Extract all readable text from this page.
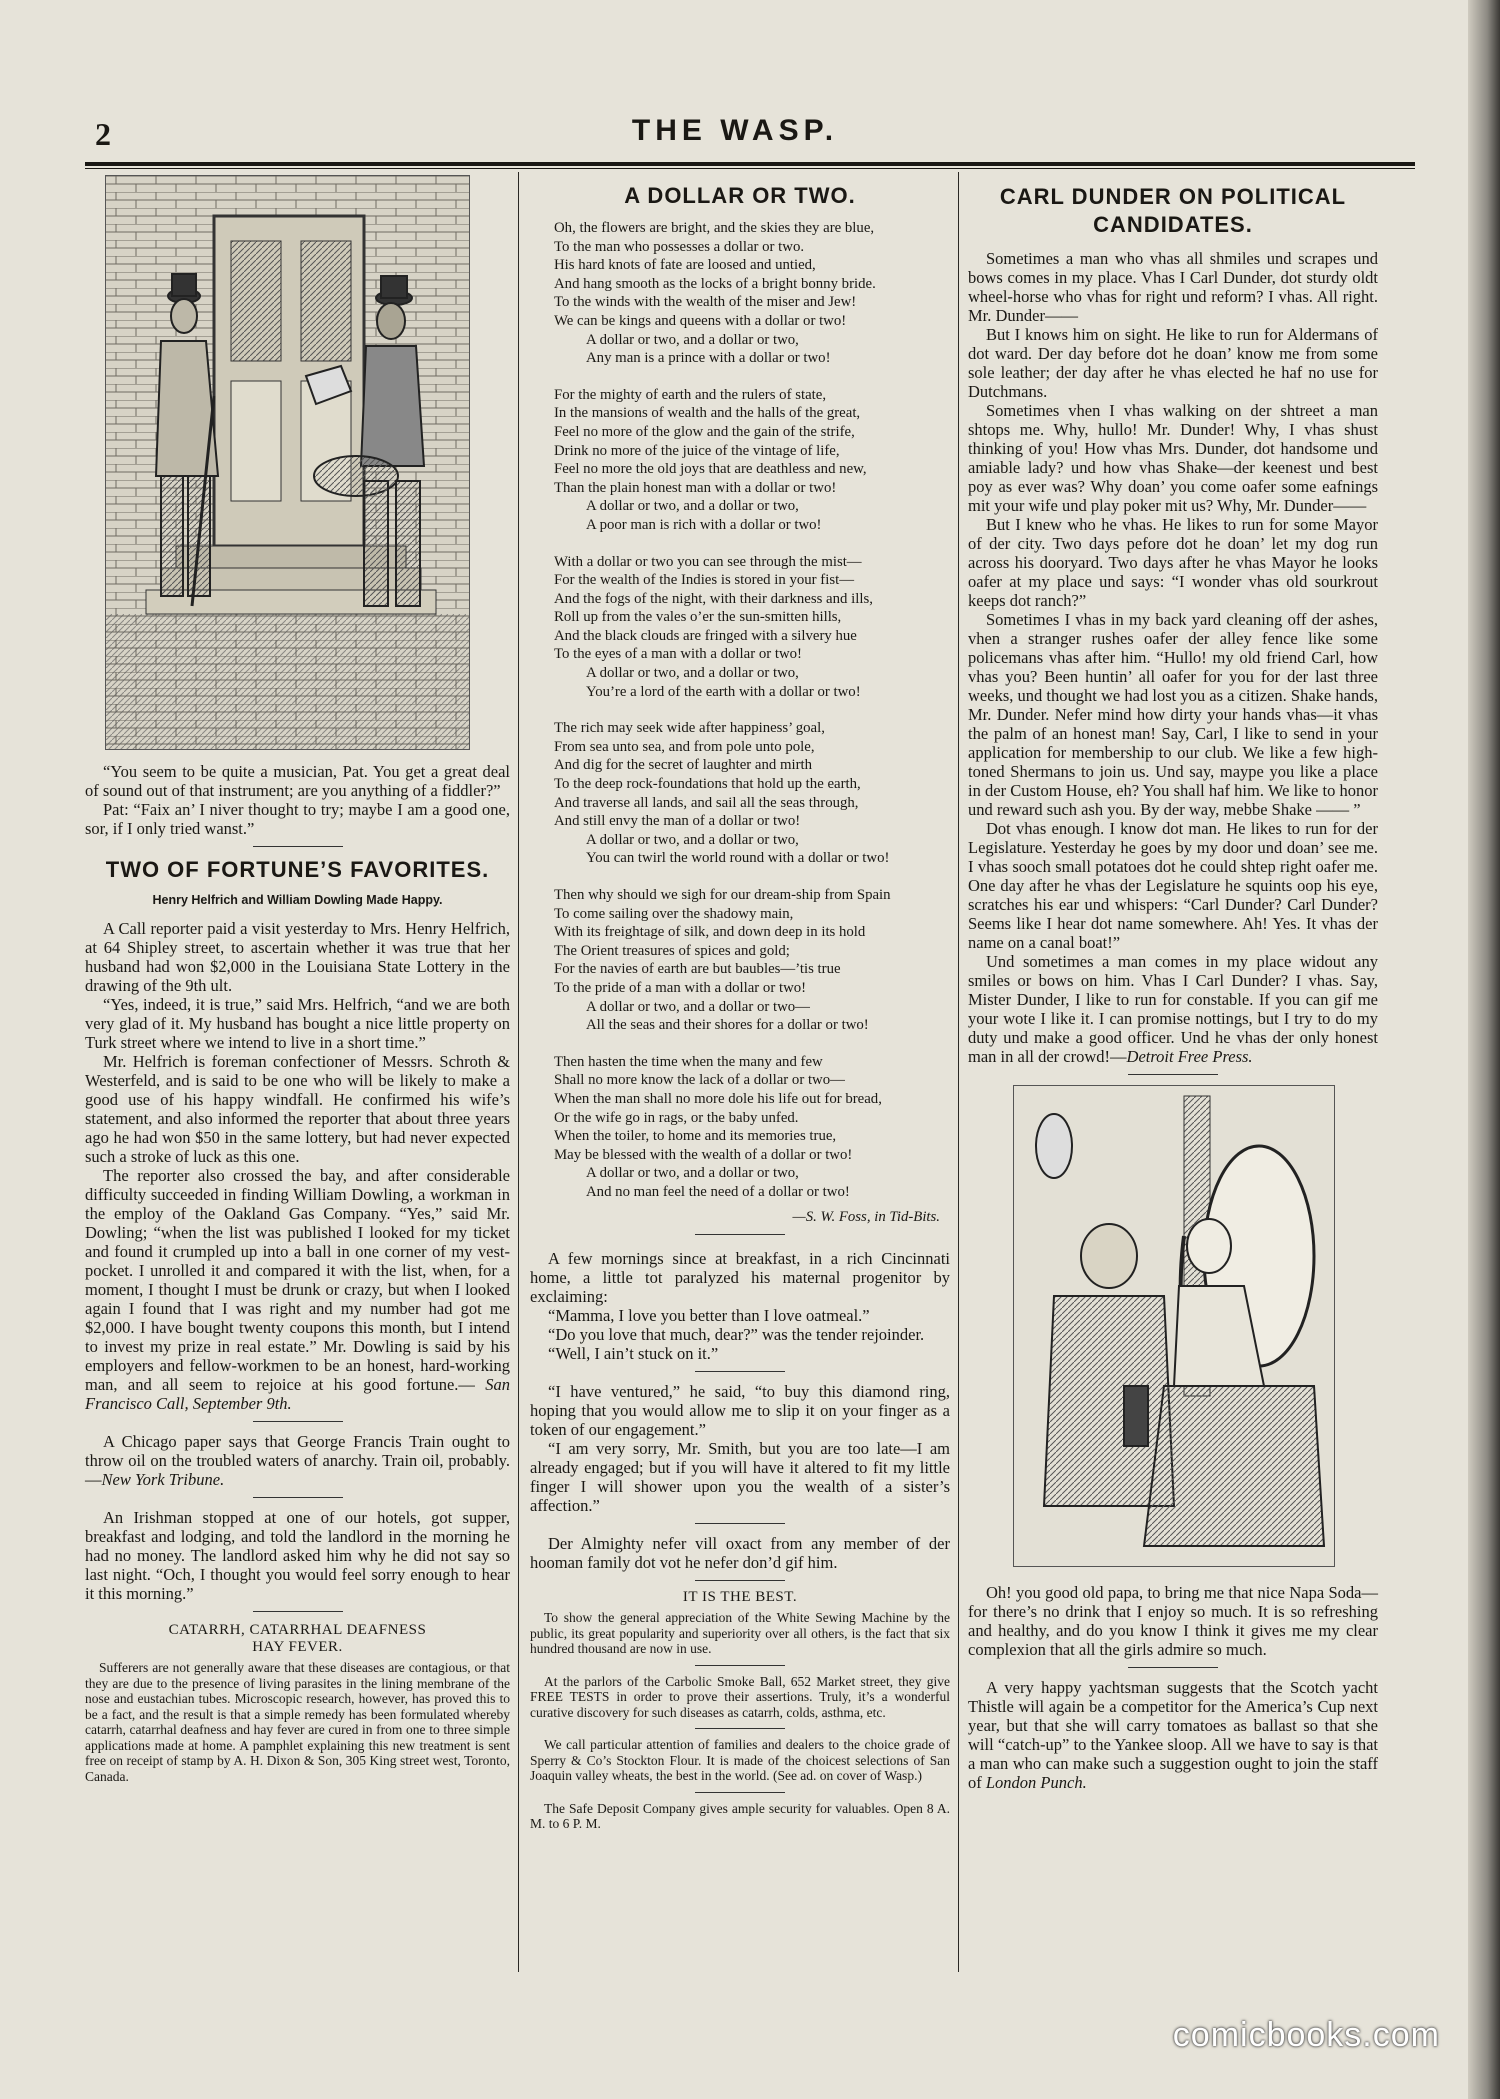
2	THE WASP.

“You seem to be quite a musician, Pat. You get a great deal of sound out of that instrument; are you anything of a fiddler?”

Pat: “Faix an’ I niver thought to try; maybe I am a good one, sor, if I only tried wanst.”

TWO OF FORTUNE’S FAVORITES.

Henry Helfrich and William Dowling Made Happy.

A Call reporter paid a visit yesterday to Mrs. Henry Helfrich, at 64 Shipley street, to ascertain whether it was true that her husband had won $2,000 in the Louisiana State Lottery in the drawing of the 9th ult.

“Yes, indeed, it is true,” said Mrs. Helfrich, “and we are both very glad of it. My husband has bought a nice little property on Turk street where we intend to live in a short time.”

Mr. Helfrich is foreman confectioner of Messrs. Schroth & Westerfeld, and is said to be one who will be likely to make a good use of his happy windfall. He confirmed his wife’s statement, and also informed the reporter that about three years ago he had won $50 in the same lottery, but had never expected such a stroke of luck as this one.

The reporter also crossed the bay, and after considerable difficulty succeeded in finding William Dowling, a workman in the employ of the Oakland Gas Company. “Yes,” said Mr. Dowling; “when the list was published I looked for my ticket and found it crumpled up into a ball in one corner of my vest-pocket. I unrolled it and compared it with the list, when, for a moment, I thought I must be drunk or crazy, but when I looked again I found that I was right and my number had got me $2,000. I have bought twenty coupons this month, but I intend to invest my prize in real estate.” Mr. Dowling is said by his employers and fellow-workmen to be an honest, hard-working man, and all seem to rejoice at his good fortune.— San Francisco Call, September 9th.

A Chicago paper says that George Francis Train ought to throw oil on the troubled waters of anarchy. Train oil, probably.—New York Tribune.

An Irishman stopped at one of our hotels, got supper, breakfast and lodging, and told the landlord in the morning he had no money. The landlord asked him why he did not say so last night. “Och, I thought you would feel sorry enough to hear it this morning.”

CATARRH, CATARRHAL DEAFNESS

HAY FEVER.

Sufferers are not generally aware that these diseases are contagious, or that they are due to the presence of living parasites in the lining membrane of the nose and eustachian tubes. Microscopic research, however, has proved this to be a fact, and the result is that a simple remedy has been formulated whereby catarrh, catarrhal deafness and hay fever are cured in from one to three simple applications made at home. A pamphlet explaining this new treatment is sent free on receipt of stamp by A. H. Dixon & Son, 305 King street west, Toronto, Canada.

A DOLLAR OR TWO.
Oh, the flowers are bright, and the skies they are blue,
To the man who possesses a dollar or two.
His hard knots of fate are loosed and untied,
And hang smooth as the locks of a bright bonny bride.
To the winds with the wealth of the miser and Jew!
We can be kings and queens with a dollar or two!
A dollar or two, and a dollar or two,
Any man is a prince with a dollar or two!
For the mighty of earth and the rulers of state,
In the mansions of wealth and the halls of the great,
Feel no more of the glow and the gain of the strife,
Drink no more of the juice of the vintage of life,
Feel no more the old joys that are deathless and new,
Than the plain honest man with a dollar or two!
A dollar or two, and a dollar or two,
A poor man is rich with a dollar or two!
With a dollar or two you can see through the mist—
For the wealth of the Indies is stored in your fist—
And the fogs of the night, with their darkness and ills,
Roll up from the vales o’er the sun-smitten hills,
And the black clouds are fringed with a silvery hue
To the eyes of a man with a dollar or two!
A dollar or two, and a dollar or two,
You’re a lord of the earth with a dollar or two!
The rich may seek wide after happiness’ goal,
From sea unto sea, and from pole unto pole,
And dig for the secret of laughter and mirth
To the deep rock-foundations that hold up the earth,
And traverse all lands, and sail all the seas through,
And still envy the man of a dollar or two!
A dollar or two, and a dollar or two,
You can twirl the world round with a dollar or two!
Then why should we sigh for our dream-ship from Spain
To come sailing over the shadowy main,
With its freightage of silk, and down deep in its hold
The Orient treasures of spices and gold;
For the navies of earth are but baubles—’tis true
To the pride of a man with a dollar or two!
A dollar or two, and a dollar or two—
All the seas and their shores for a dollar or two!
Then hasten the time when the many and few
Shall no more know the lack of a dollar or two—
When the man shall no more dole his life out for bread,
Or the wife go in rags, or the baby unfed.
When the toiler, to home and its memories true,
May be blessed with the wealth of a dollar or two!
A dollar or two, and a dollar or two,
And no man feel the need of a dollar or two!
—S. W. Foss, in Tid-Bits.

A few mornings since at breakfast, in a rich Cincinnati home, a little tot paralyzed his maternal progenitor by exclaiming:

“Mamma, I love you better than I love oatmeal.”

“Do you love that much, dear?” was the tender rejoinder.

“Well, I ain’t stuck on it.”

“I have ventured,” he said, “to buy this diamond ring, hoping that you would allow me to slip it on your finger as a token of our engagement.”

“I am very sorry, Mr. Smith, but you are too late—I am already engaged; but if you will have it altered to fit my little finger I will shower upon you the wealth of a sister’s affection.”

Der Almighty nefer vill oxact from any member of der hooman family dot vot he nefer don’d gif him.

IT IS THE BEST.

To show the general appreciation of the White Sewing Machine by the public, its great popularity and superiority over all others, is the fact that six hundred thousand are now in use.

At the parlors of the Carbolic Smoke Ball, 652 Market street, they give FREE TESTS in order to prove their assertions. Truly, it’s a wonderful curative discovery for such diseases as catarrh, colds, asthma, etc.

We call particular attention of families and dealers to the choice grade of Sperry & Co’s Stockton Flour. It is made of the choicest selections of San Joaquin valley wheats, the best in the world. (See ad. on cover of Wasp.)

The Safe Deposit Company gives ample security for valuables. Open 8 A. M. to 6 P. M.

CARL DUNDER ON POLITICAL CANDIDATES.

Sometimes a man who vhas all shmiles und scrapes und bows comes in my place. Vhas I Carl Dunder, dot sturdy oldt wheel-horse who vhas for right und reform? I vhas. All right. Mr. Dunder——

But I knows him on sight. He like to run for Aldermans of dot ward. Der day before dot he doan’ know me from some sole leather; der day after he vhas elected he haf no use for Dutchmans.

Sometimes vhen I vhas walking on der shtreet a man shtops me. Why, hullo! Mr. Dunder! Why, I vhas shust thinking of you! How vhas Mrs. Dunder, dot handsome und amiable lady? und how vhas Shake—der keenest und best poy as ever was? Why doan’ you come oafer some eafnings mit your wife und play poker mit us? Why, Mr. Dunder——

But I knew who he vhas. He likes to run for some Mayor of der city. Two days pefore dot he doan’ let my dog run across his dooryard. Two days after he vhas Mayor he looks oafer at my place und says: “I wonder vhas old sourkrout keeps dot ranch?”

Sometimes I vhas in my back yard cleaning off der ashes, vhen a stranger rushes oafer der alley fence like some policemans vhas after him. “Hullo! my old friend Carl, how vhas you? Been huntin’ all oafer for you for der last three weeks, und thought we had lost you as a citizen. Shake hands, Mr. Dunder. Nefer mind how dirty your hands vhas—it vhas the palm of an honest man! Say, Carl, I like to send in your application for membership to our club. We like a few high-toned Shermans to join us. Und say, maype you like a place in der Custom House, eh? You shall haf him. We like to honor und reward such ash you. By der way, mebbe Shake —— ”

Dot vhas enough. I know dot man. He likes to run for der Legislature. Yesterday he goes by my door und doan’ see me. I vhas sooch small potatoes dot he could shtep right oafer me. One day after he vhas der Legislature he squints oop his eye, scratches his ear und whispers: “Carl Dunder? Carl Dunder? Seems like I hear dot name somewhere. Ah! Yes. It vhas der name on a canal boat!”

Und sometimes a man comes in my place widout any smiles or bows on him. Vhas I Carl Dunder? I vhas. Say, Mister Dunder, I like to run for constable. If you can gif me your wote I like it. I can promise nottings, but I try to do my duty und make a good officer. Und he vhas der only honest man in all der crowd!—Detroit Free Press.

Oh! you good old papa, to bring me that nice Napa Soda—for there’s no drink that I enjoy so much. It is so refreshing and healthy, and do you know I think it gives me my clear complexion that all the girls admire so much.

A very happy yachtsman suggests that the Scotch yacht Thistle will again be a competitor for the America’s Cup next year, but that she will carry tomatoes as ballast so that she will “catch-up” to the Yankee sloop. All we have to say is that a man who can make such a suggestion ought to join the staff of London Punch.

comicbooks.com
